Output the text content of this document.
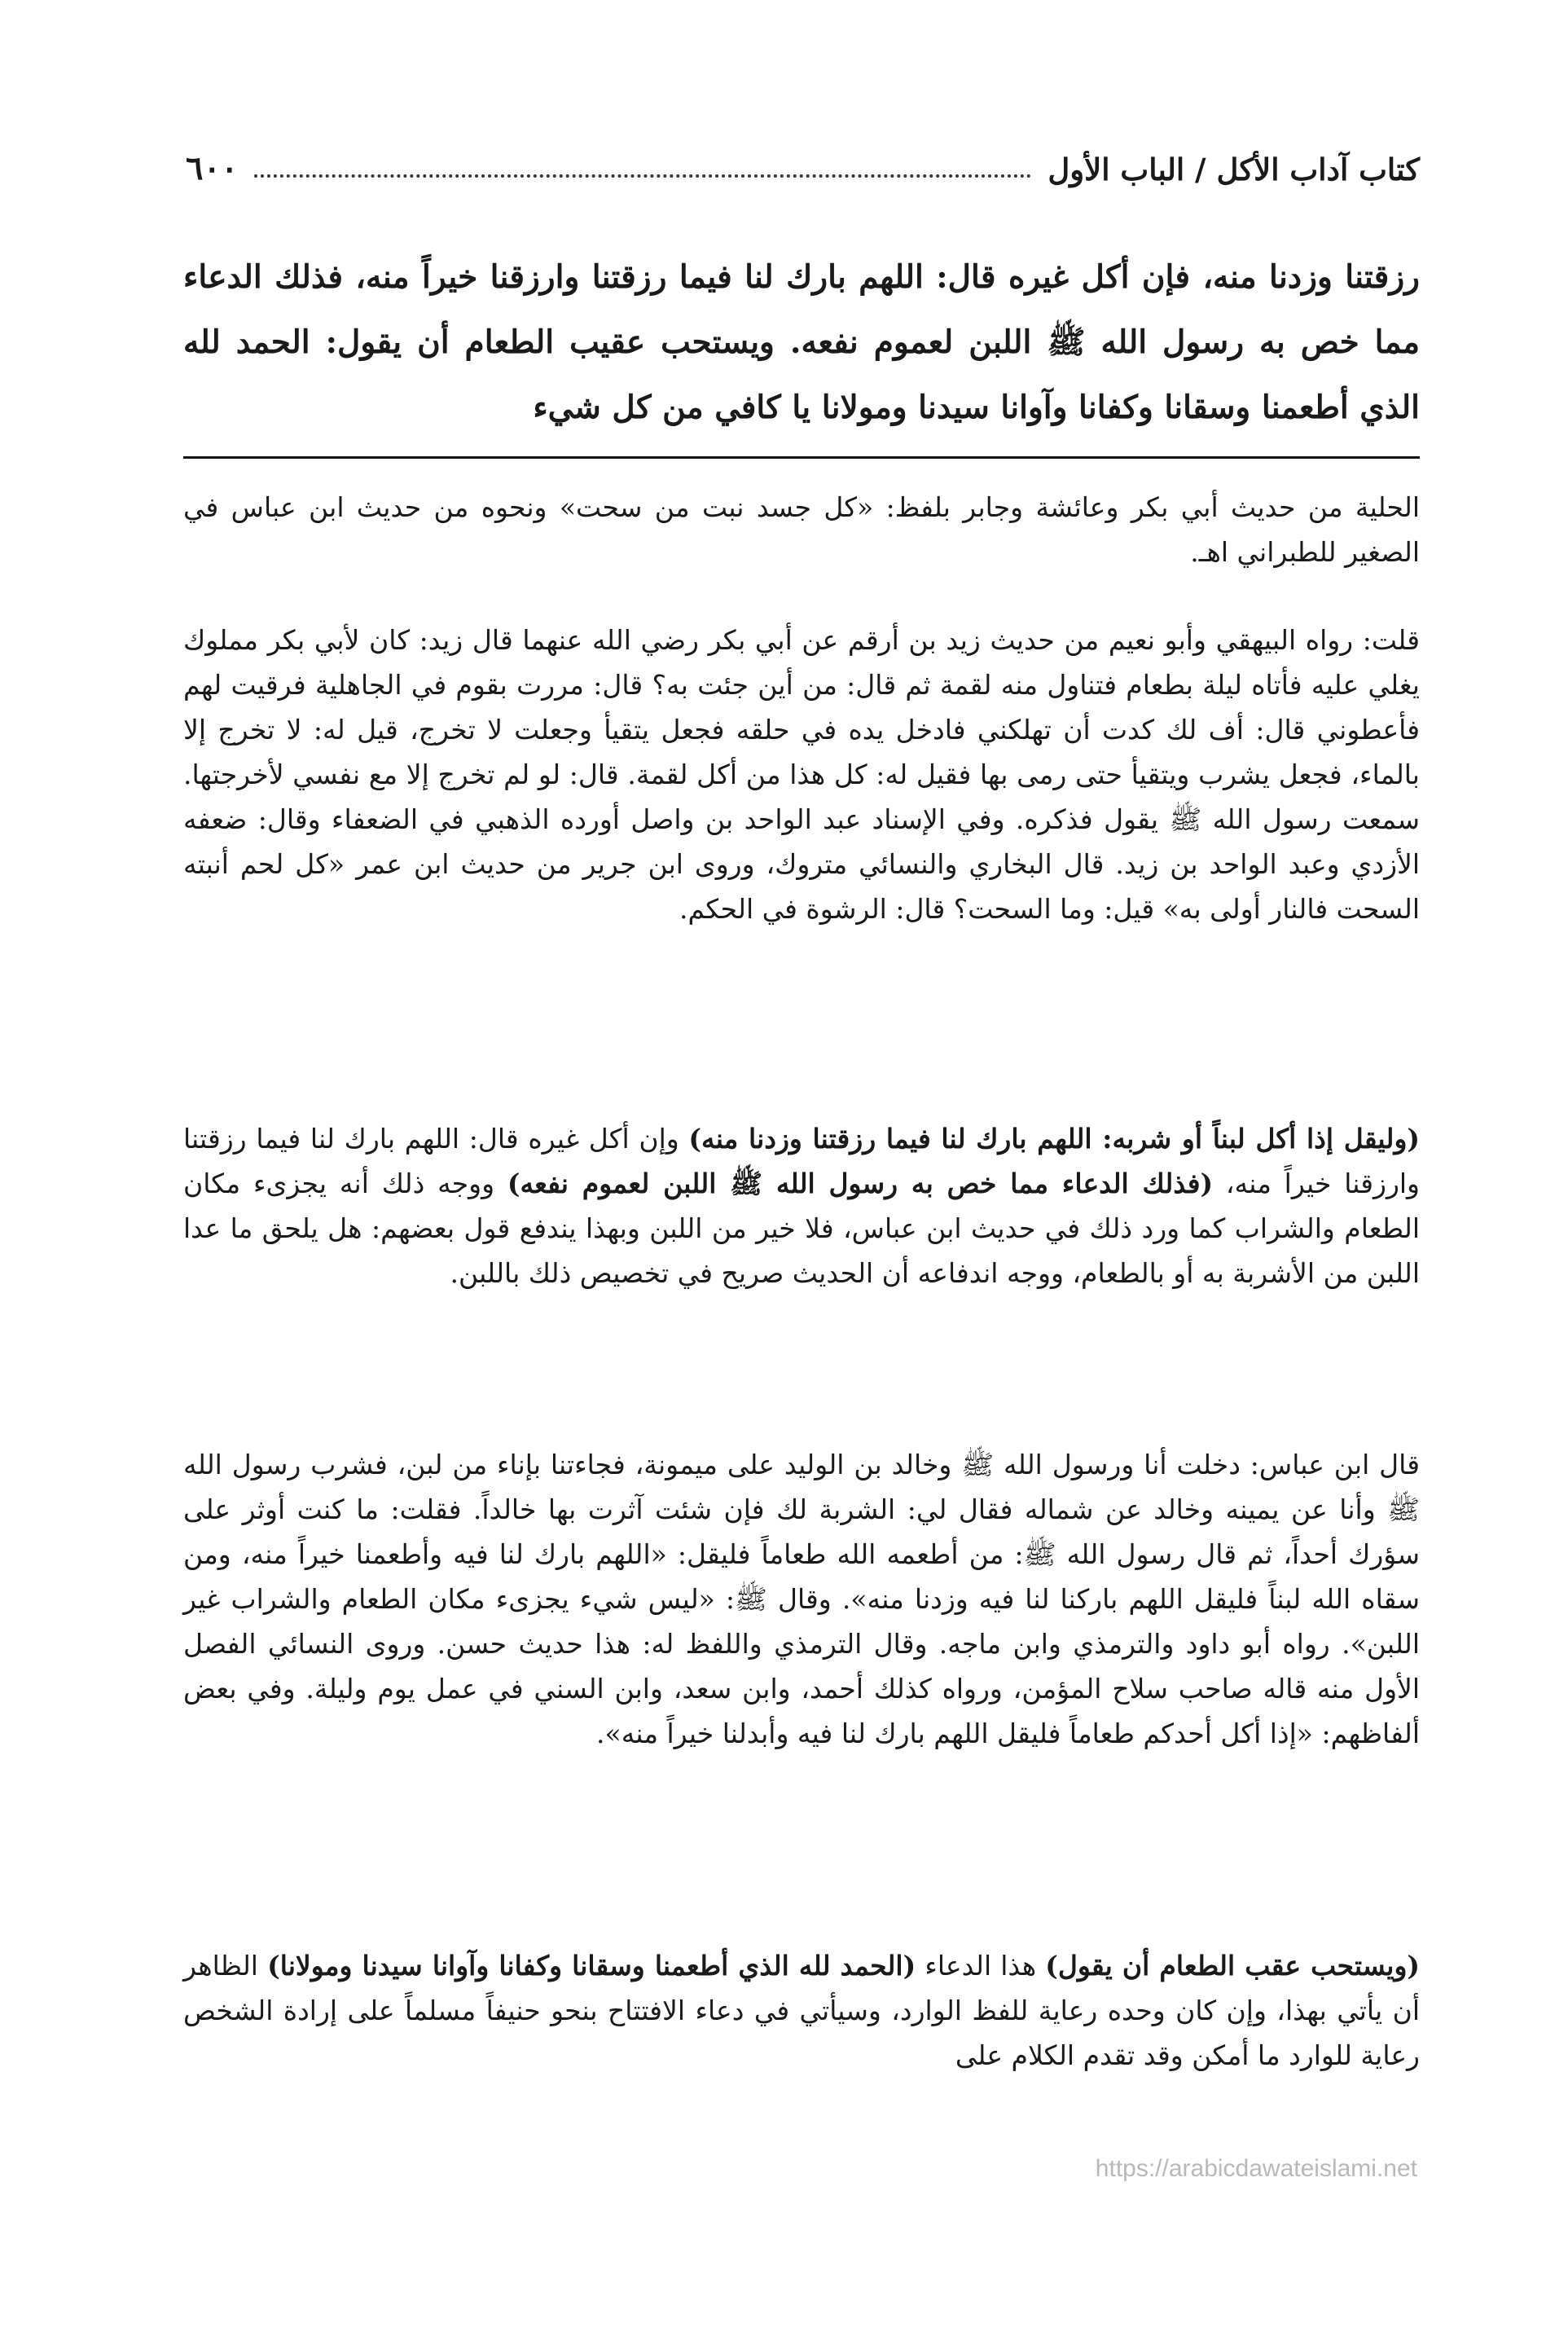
كتاب آداب الأكل / الباب الأول
٦٠٠
رزقتنا وزدنا منه، فإن أكل غيره قال: اللهم بارك لنا فيما رزقتنا وارزقنا خيراً منه، فذلك الدعاء مما خص به رسول الله ﷺ اللبن لعموم نفعه. ويستحب عقيب الطعام أن يقول: الحمد لله الذي أطعمنا وسقانا وكفانا وآوانا سيدنا ومولانا يا كافي من كل شيء

الحلية من حديث أبي بكر وعائشة وجابر بلفظ: «كل جسد نبت من سحت» ونحوه من حديث ابن عباس في الصغير للطبراني اهـ.

قلت: رواه البيهقي وأبو نعيم من حديث زيد بن أرقم عن أبي بكر رضي الله عنهما قال زيد: كان لأبي بكر مملوك يغلي عليه فأتاه ليلة بطعام فتناول منه لقمة ثم قال: من أين جئت به؟ قال: مررت بقوم في الجاهلية فرقيت لهم فأعطوني قال: أف لك كدت أن تهلكني فادخل يده في حلقه فجعل يتقيأ وجعلت لا تخرج، قيل له: لا تخرج إلا بالماء، فجعل يشرب ويتقيأ حتى رمى بها فقيل له: كل هذا من أكل لقمة. قال: لو لم تخرج إلا مع نفسي لأخرجتها. سمعت رسول الله ﷺ يقول فذكره. وفي الإسناد عبد الواحد بن واصل أورده الذهبي في الضعفاء وقال: ضعفه الأزدي وعبد الواحد بن زيد. قال البخاري والنسائي متروك، وروى ابن جرير من حديث ابن عمر «كل لحم أنبته السحت فالنار أولى به» قيل: وما السحت؟ قال: الرشوة في الحكم.

(وليقل إذا أكل لبناً أو شربه: اللهم بارك لنا فيما رزقتنا وزدنا منه) وإن أكل غيره قال: اللهم بارك لنا فيما رزقتنا وارزقنا خيراً منه، (فذلك الدعاء مما خص به رسول الله ﷺ اللبن لعموم نفعه) ووجه ذلك أنه يجزىء مكان الطعام والشراب كما ورد ذلك في حديث ابن عباس، فلا خير من اللبن وبهذا يندفع قول بعضهم: هل يلحق ما عدا اللبن من الأشربة به أو بالطعام، ووجه اندفاعه أن الحديث صريح في تخصيص ذلك باللبن.

قال ابن عباس: دخلت أنا ورسول الله ﷺ وخالد بن الوليد على ميمونة، فجاءتنا بإناء من لبن، فشرب رسول الله ﷺ وأنا عن يمينه وخالد عن شماله فقال لي: الشربة لك فإن شئت آثرت بها خالداً. فقلت: ما كنت أوثر على سؤرك أحداً، ثم قال رسول الله ﷺ: من أطعمه الله طعاماً فليقل: «اللهم بارك لنا فيه وأطعمنا خيراً منه، ومن سقاه الله لبناً فليقل اللهم باركنا لنا فيه وزدنا منه». وقال ﷺ: «ليس شيء يجزىء مكان الطعام والشراب غير اللبن». رواه أبو داود والترمذي وابن ماجه. وقال الترمذي واللفظ له: هذا حديث حسن. وروى النسائي الفصل الأول منه قاله صاحب سلاح المؤمن، ورواه كذلك أحمد، وابن سعد، وابن السني في عمل يوم وليلة. وفي بعض ألفاظهم: «إذا أكل أحدكم طعاماً فليقل اللهم بارك لنا فيه وأبدلنا خيراً منه».

(ويستحب عقب الطعام أن يقول) هذا الدعاء (الحمد لله الذي أطعمنا وسقانا وكفانا وآوانا سيدنا ومولانا) الظاهر أن يأتي بهذا، وإن كان وحده رعاية للفظ الوارد، وسيأتي في دعاء الافتتاح بنحو حنيفاً مسلماً على إرادة الشخص رعاية للوارد ما أمكن وقد تقدم الكلام على

https://arabicdawateislami.net
